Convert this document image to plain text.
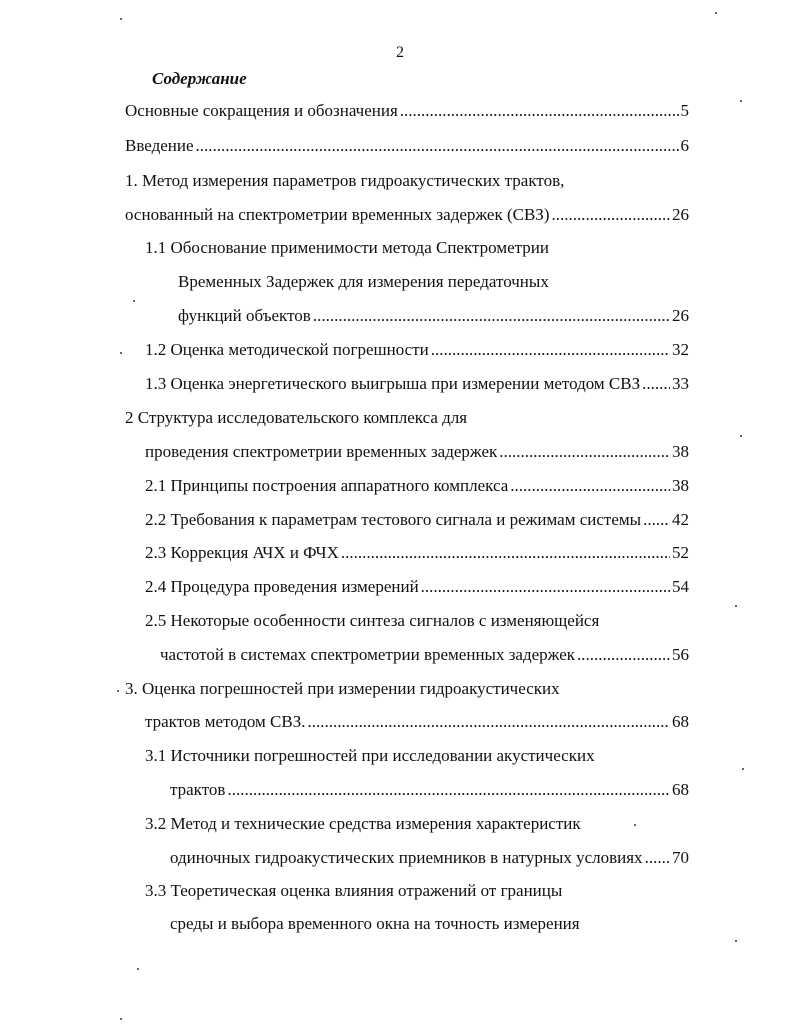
2
Содержание
Основные сокращения и обозначения .....	5
Введение .....	6
1. Метод измерения параметров гидроакустических трактов,
основанный на спектрометрии временных задержек (СВЗ) .....	26
1.1 Обоснование применимости метода Спектрометрии
Временных Задержек для измерения передаточных
функций объектов .....	26
1.2 Оценка методической погрешности .....	32
1.3 Оценка энергетического выигрыша при измерении методом СВЗ ..... 33
2 Структура исследовательского комплекса для
проведения спектрометрии временных задержек .....	38
2.1 Принципы построения аппаратного комплекса .....	38
2.2 Требования к параметрам тестового сигнала и режимам системы ..... 42
2.3 Коррекция АЧХ и ФЧХ .....	52
2.4 Процедура проведения измерений .....	54
2.5 Некоторые особенности синтеза сигналов с изменяющейся
частотой в системах спектрометрии временных задержек .....	56
3. Оценка погрешностей при измерении гидроакустических
трактов методом СВЗ. .....	68
3.1 Источники погрешностей при исследовании акустических
трактов .....	68
3.2 Метод и технические средства измерения характеристик
одиночных гидроакустических приемников в натурных условиях ..... 70
3.3 Теоретическая оценка влияния отражений от границы
среды и выбора временного окна на точность измерения
